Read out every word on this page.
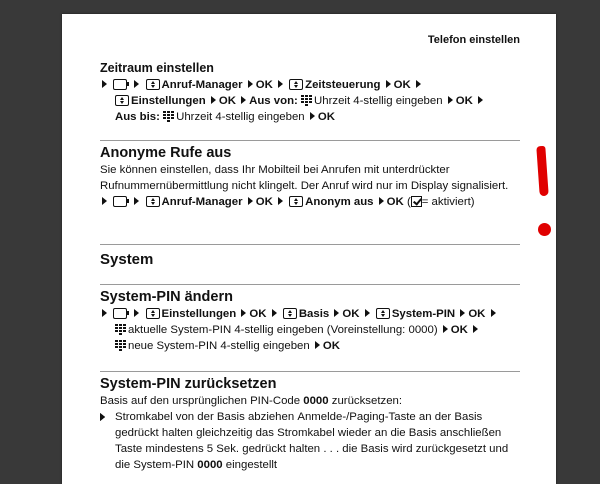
Telefon einstellen
Zeitraum einstellen
Anruf-Manager OK	Zeitsteuerung OK
Einstellungen OK Aus von: Uhrzeit 4-stellig eingeben OK
Aus bis: Uhrzeit 4-stellig eingeben OK
Anonyme Rufe aus
Sie können einstellen, dass Ihr Mobilteil bei Anrufen mit unterdrückter Rufnummernübermittlung nicht klingelt. Der Anruf wird nur im Display signalisiert.
Anruf-Manager OK	Anonym aus OK ( = aktiviert)
System
System-PIN ändern
Einstellungen OK	Basis OK	System-PIN OK
aktuelle System-PIN 4-stellig eingeben (Voreinstellung: 0000) OK
neue System-PIN 4-stellig eingeben OK
System-PIN zurücksetzen
Basis auf den ursprünglichen PIN-Code 0000 zurücksetzen:
Stromkabel von der Basis abziehen Anmelde-/Paging-Taste an der Basis gedrückt halten gleichzeitig das Stromkabel wieder an die Basis anschließen
Taste mindestens 5 Sek. gedrückt halten . . . die Basis wird zurückgesetzt und die System-PIN 0000 eingestellt
